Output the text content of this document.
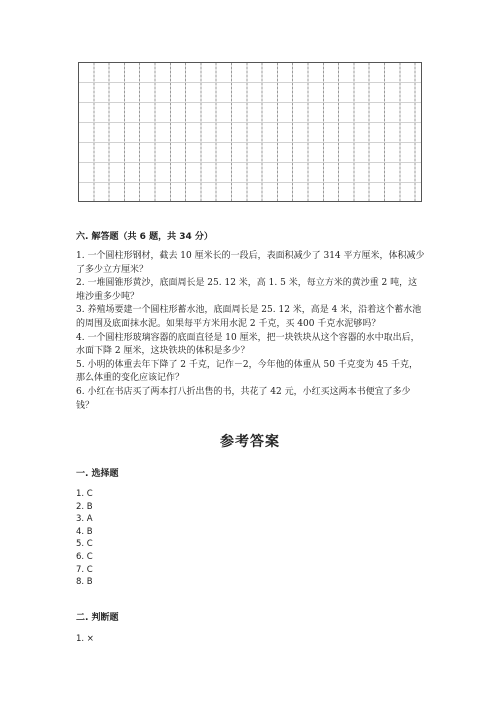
六. 解答题（共 6 题，共 34 分）

1. 一个圆柱形钢材，截去 10 厘米长的一段后，表面积减少了 314 平方厘米，体积减少了多少立方厘米？

2. 一堆圆锥形黄沙，底面周长是 25. 12 米，高 1. 5 米，每立方米的黄沙重 2 吨，这堆沙重多少吨？

3. 养殖场要建一个圆柱形蓄水池，底面周长是 25. 12 米，高是 4 米，沿着这个蓄水池的周围及底面抹水泥。如果每平方米用水泥 2 千克，买 400 千克水泥够吗？

4. 一个圆柱形玻璃容器的底面直径是 10 厘米，把一块铁块从这个容器的水中取出后，水面下降 2 厘米，这块铁块的体积是多少？

5. 小明的体重去年下降了 2 千克，记作－2，今年他的体重从 50 千克变为 45 千克，那么体重的变化应该记作？

6. 小红在书店买了两本打八折出售的书，共花了 42 元，小红买这两本书便宜了多少钱？

参考答案
一. 选择题
1. C
2. B
3. A
4. B
5. C
6. C
7. C
8. B
二. 判断题
1. ×
